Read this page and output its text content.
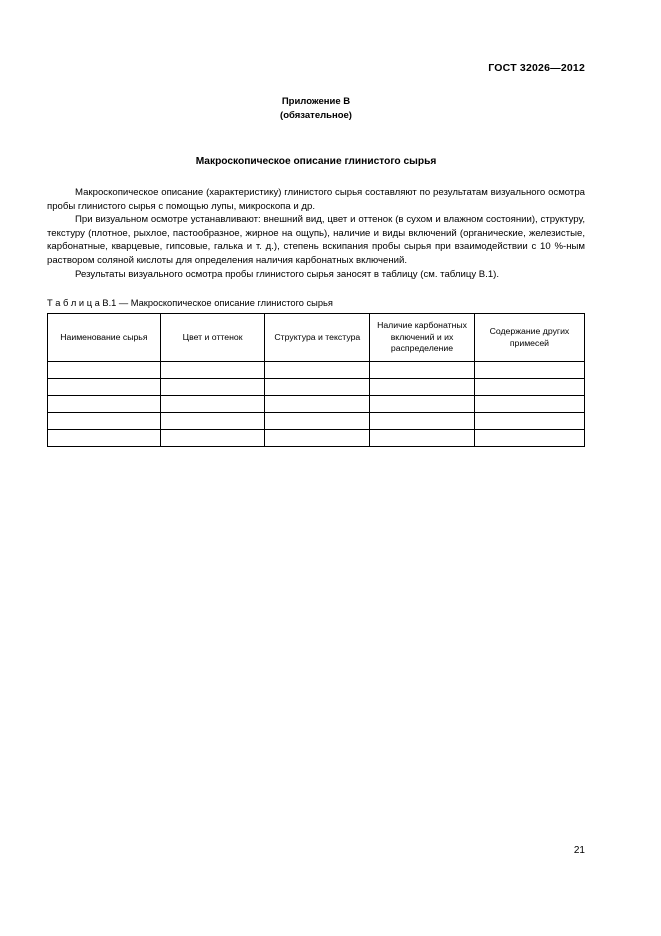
ГОСТ 32026—2012
Приложение В
(обязательное)
Макроскопическое описание глинистого сырья

Макроскопическое описание (характеристику) глинистого сырья составляют по результатам визуального осмотра пробы глинистого сырья с помощью лупы, микроскопа и др.

При визуальном осмотре устанавливают: внешний вид, цвет и оттенок (в сухом и влажном состоянии), структуру, текстуру (плотное, рыхлое, пастообразное, жирное на ощупь), наличие и виды включений (органические, железистые, карбонатные, кварцевые, гипсовые, галька и т. д.), степень вскипания пробы сырья при взаимодействии с 10 %-ным раствором соляной кислоты для определения наличия карбонатных включений.

Результаты визуального осмотра пробы глинистого сырья заносят в таблицу (см. таблицу В.1).

Т а б л и ц а В.1 — Макроскопическое описание глинистого сырья
Наименование сырья	Цвет и оттенок	Структура и текстура	Наличие карбонатных включений и их распределение	Содержание других примесей

21
